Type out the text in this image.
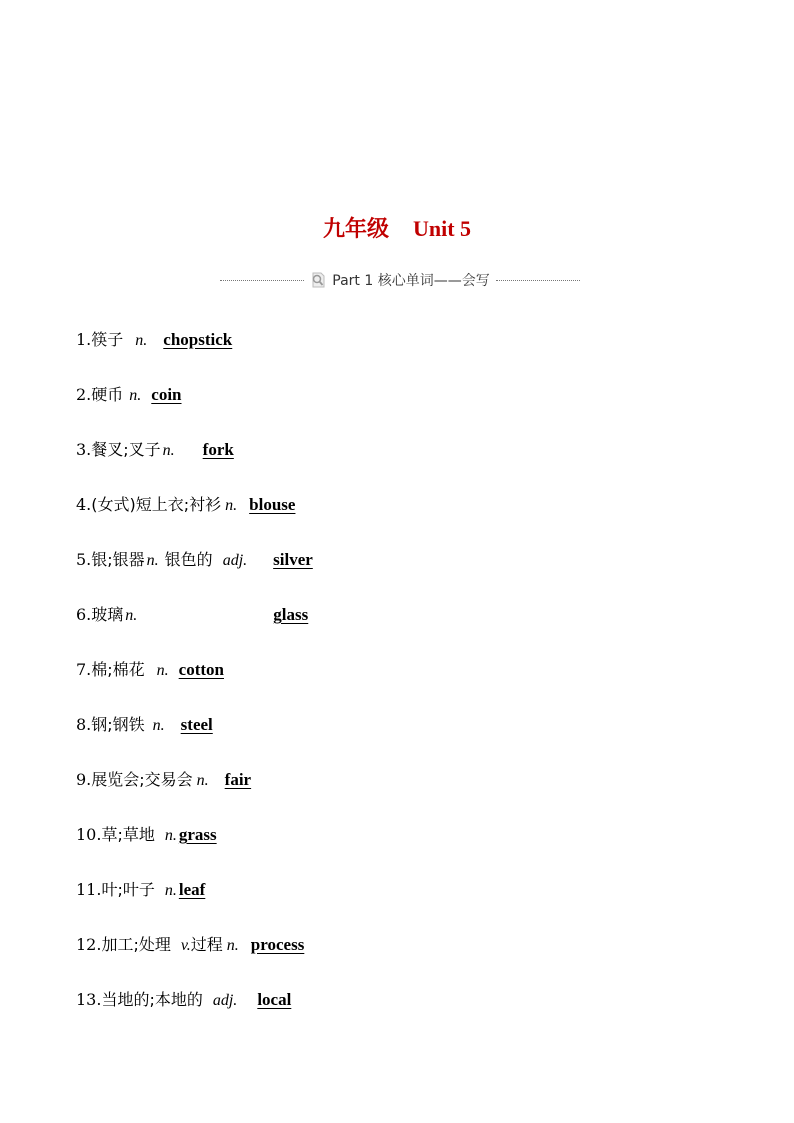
九年级 Unit 5
Part 1 核心单词——会写
1. 筷子 n. chopstick
2. 硬币 n. coin
3. 餐叉;叉子 n. fork
4. (女式)短上衣;衬衫 n. blouse
5. 银;银器 n. 银色的 adj. silver
6. 玻璃 n.	glass
7. 棉;棉花 n. cotton
8. 钢;钢铁 n. steel
9. 展览会;交易会 n. fair
10. 草;草地 n. grass
11. 叶;叶子 n. leaf
12. 加工;处理 v. 过程 n. process
13. 当地的;本地的 adj. local
